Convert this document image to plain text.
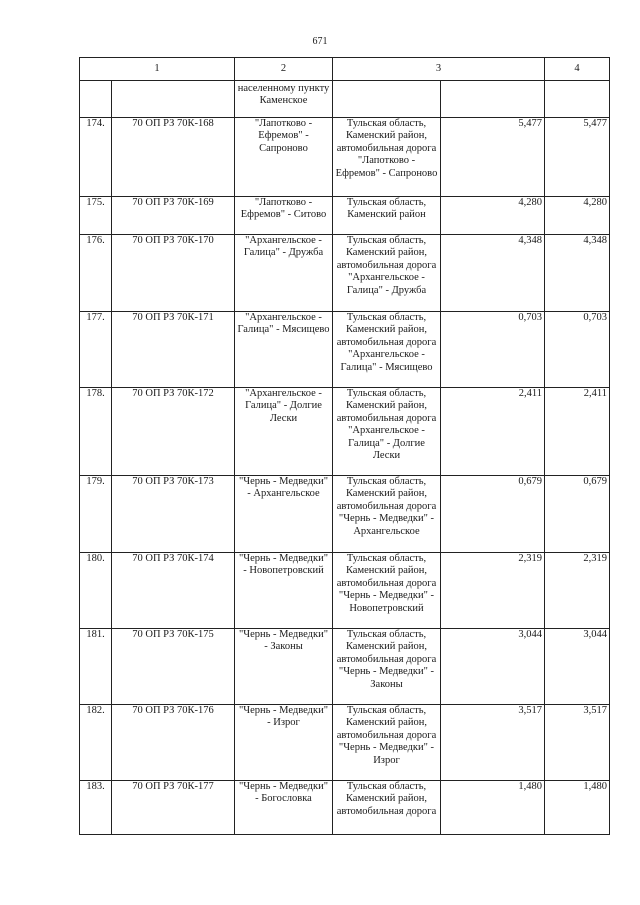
671
1		2	3		4
		населенному пункту Каменское			
174.	70 ОП РЗ 70К-168	"Лапотково - Ефремов" - Сапроново	Тульская область, Каменский район, автомобильная дорога "Лапотково - Ефремов" - Сапроново	5,477	5,477
175.	70 ОП РЗ 70К-169	"Лапотково - Ефремов" - Ситово	Тульская область, Каменский район	4,280	4,280
176.	70 ОП РЗ 70К-170	"Архангельское - Галица" - Дружба	Тульская область, Каменский район, автомобильная дорога "Архангельское - Галица" - Дружба	4,348	4,348
177.	70 ОП РЗ 70К-171	"Архангельское - Галица" - Мясищево	Тульская область, Каменский район, автомобильная дорога "Архангельское - Галица" - Мясищево	0,703	0,703
178.	70 ОП РЗ 70К-172	"Архангельское - Галица" - Долгие Лески	Тульская область, Каменский район, автомобильная дорога "Архангельское - Галица" - Долгие Лески	2,411	2,411
179.	70 ОП РЗ 70К-173	"Чернь - Медведки" - Архангельское	Тульская область, Каменский район, автомобильная дорога "Чернь - Медведки" - Архангельское	0,679	0,679
180.	70 ОП РЗ 70К-174	"Чернь - Медведки" - Новопетровский	Тульская область, Каменский район, автомобильная дорога "Чернь - Медведки" - Новопетровский	2,319	2,319
181.	70 ОП РЗ 70К-175	"Чернь - Медведки" - Законы	Тульская область, Каменский район, автомобильная дорога "Чернь - Медведки" - Законы	3,044	3,044
182.	70 ОП РЗ 70К-176	"Чернь - Медведки" - Изрог	Тульская область, Каменский район, автомобильная дорога "Чернь - Медведки" - Изрог	3,517	3,517
183.	70 ОП РЗ 70К-177	"Чернь - Медведки" - Богословка	Тульская область, Каменский район, автомобильная дорога	1,480	1,480
